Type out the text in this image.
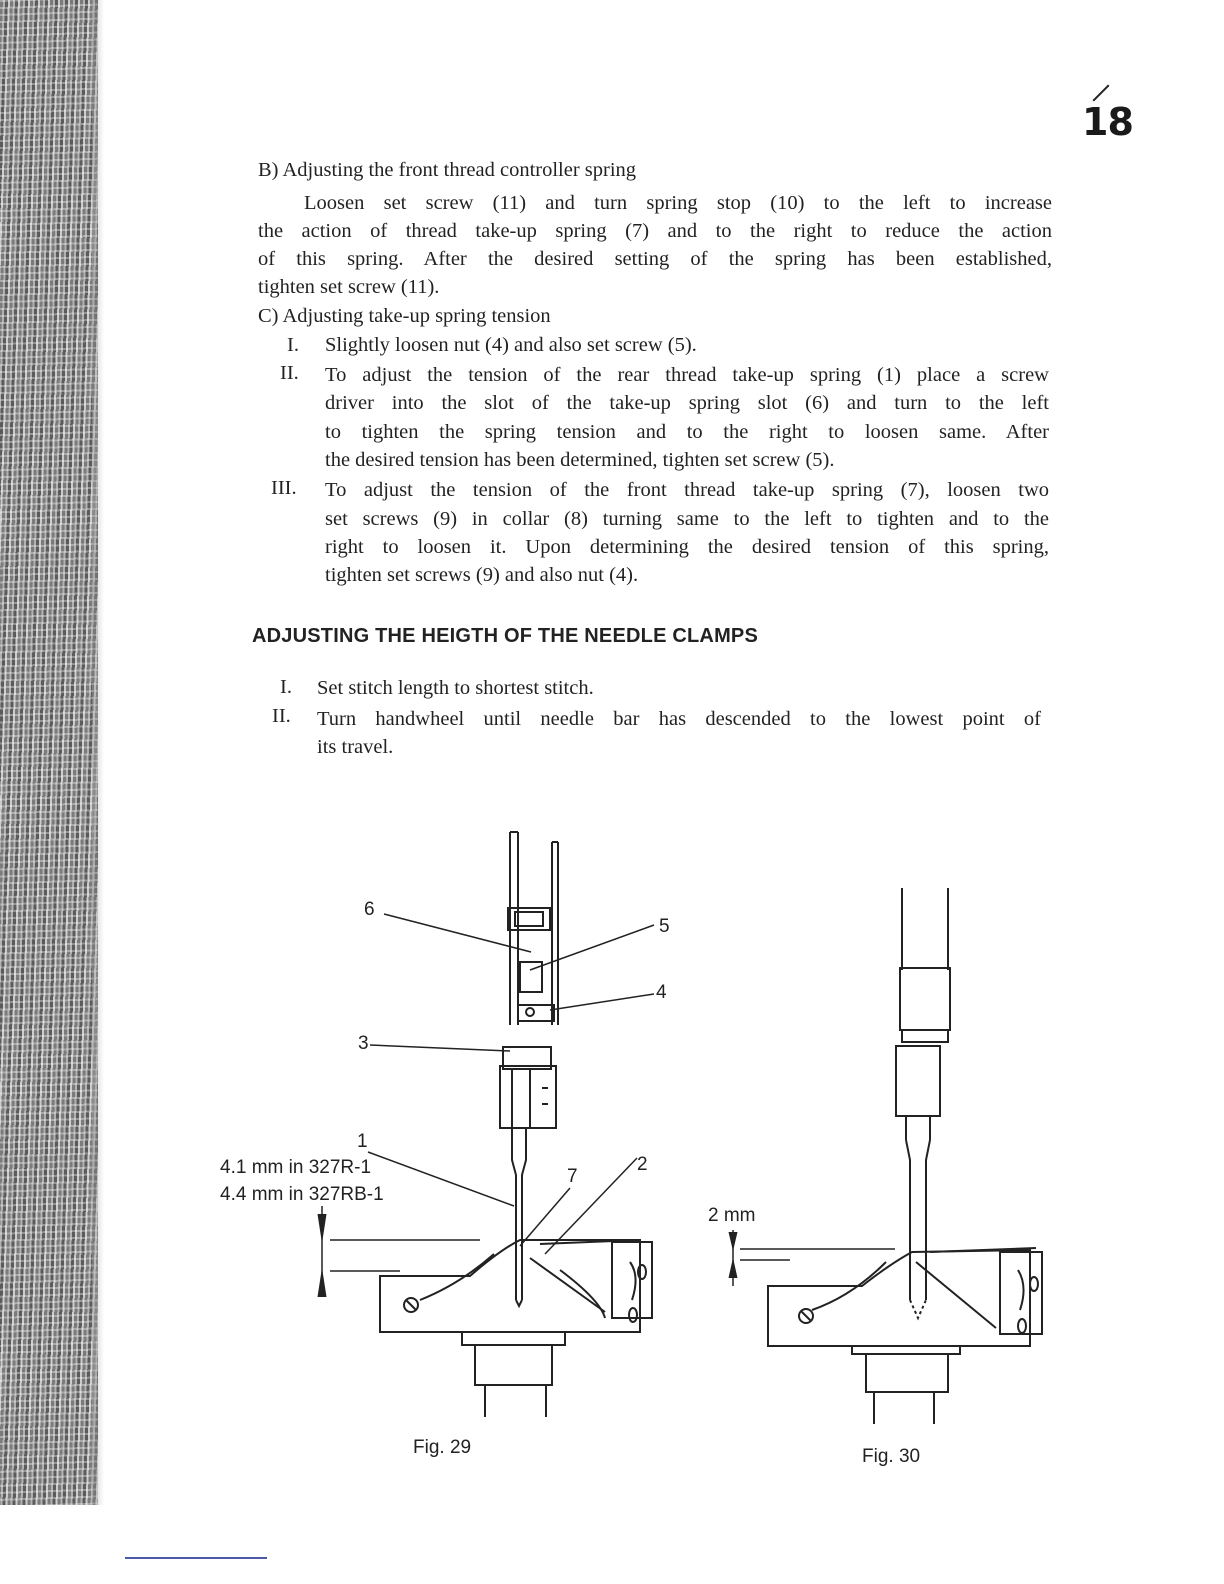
18
B) Adjusting the front thread controller spring
Loosen set screw (11) and turn spring stop (10) to the left to increase
the action of thread take-up spring (7) and to the right to reduce the action
of this spring. After the desired setting of the spring has been established,
tighten set screw (11).
C) Adjusting take-up spring tension
I. Slightly loosen nut (4) and also set screw (5).
II. To adjust the tension of the rear thread take-up spring (1) place a screw
driver into the slot of the take-up spring slot (6) and turn to the left
to tighten the spring tension and to the right to loosen same. After
the desired tension has been determined, tighten set screw (5).
III. To adjust the tension of the front thread take-up spring (7), loosen two
set screws (9) in collar (8) turning same to the left to tighten and to the
right to loosen it. Upon determining the desired tension of this spring,
tighten set screws (9) and also nut (4).
ADJUSTING THE HEIGTH OF THE NEEDLE CLAMPS
I. Set stitch length to shortest stitch.
II. Turn handwheel until needle bar has descended to the lowest point of
its travel.
6
5
4
3
1
7
2
4.1 mm in 327R-1
4.4 mm in 327RB-1
2 mm
Fig. 29	Fig. 30
